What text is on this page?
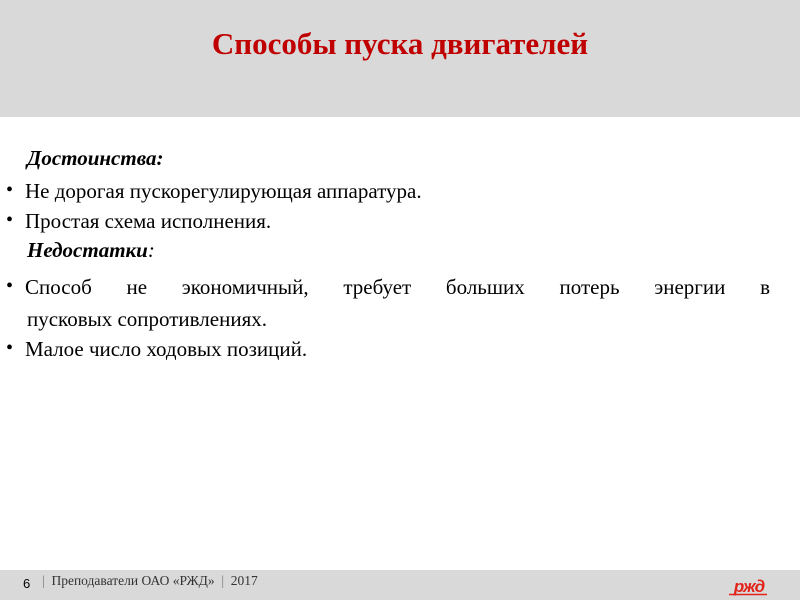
Способы пуска двигателей
Достоинства:
• Не дорогая пускорегулирующая аппаратура.
• Простая схема исполнения.
Недостатки:
• Способ не экономичный, требует больших потерь энергии в
пусковых сопротивлениях.
• Малое число ходовых позиций.
6 | Преподаватели ОАО «РЖД» | 2017	ржд
